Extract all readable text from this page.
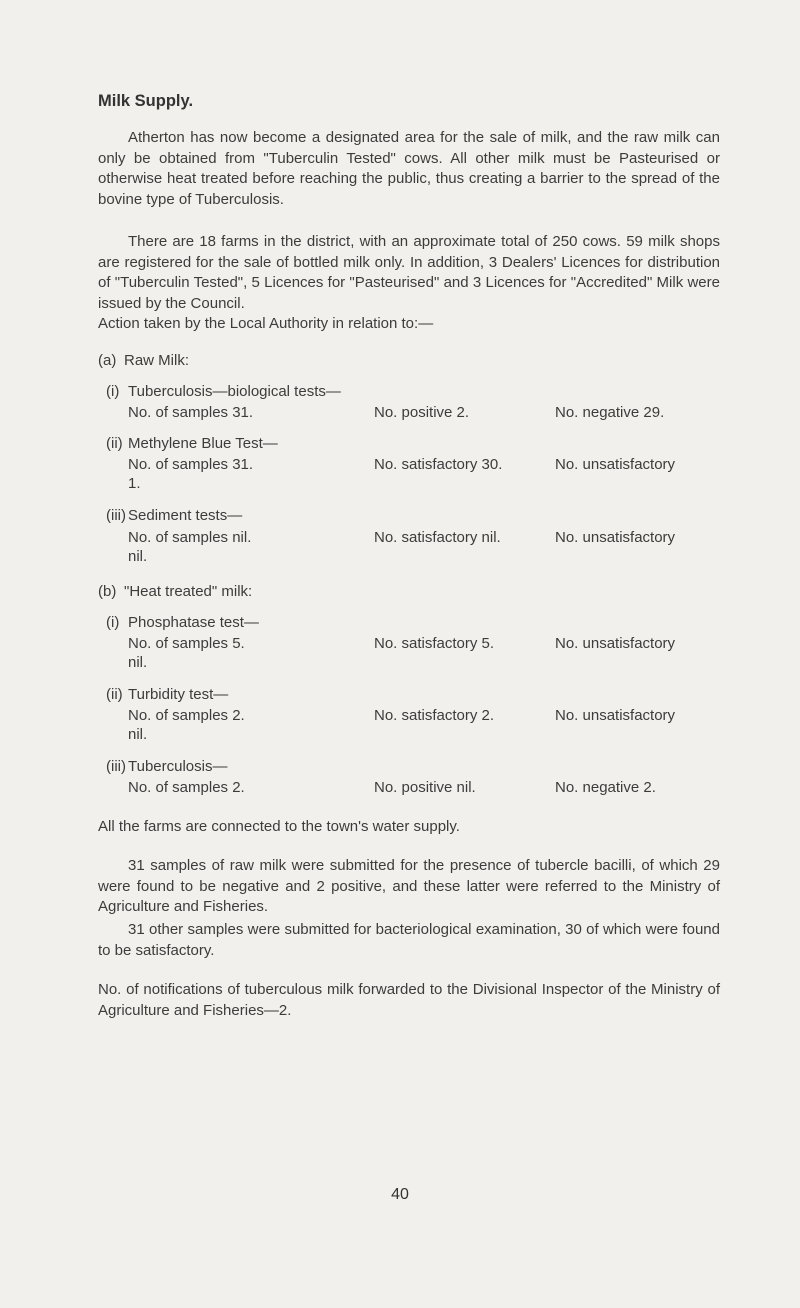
Milk Supply.
Atherton has now become a designated area for the sale of milk, and the raw milk can only be obtained from "Tuberculin Tested" cows. All other milk must be Pasteurised or otherwise heat treated before reaching the public, thus creating a barrier to the spread of the bovine type of Tuberculosis.
There are 18 farms in the district, with an approximate total of 250 cows. 59 milk shops are registered for the sale of bottled milk only. In addition, 3 Dealers' Licences for distribution of "Tuberculin Tested", 5 Licences for "Pasteurised" and 3 Licences for "Accredited" Milk were issued by the Council.
Action taken by the Local Authority in relation to:—
(a) Raw Milk:
(i) Tuberculosis—biological tests—
No. of samples 31.	No. positive 2.	No. negative 29.
(ii) Methylene Blue Test—
No. of samples 31.	No. satisfactory 30.	No. unsatisfactory
1.
(iii) Sediment tests—
No. of samples nil.	No. satisfactory nil.	No. unsatisfactory
nil.
(b) "Heat treated" milk:
(i) Phosphatase test—
No. of samples 5.	No. satisfactory 5.	No. unsatisfactory
nil.
(ii) Turbidity test—
No. of samples 2.	No. satisfactory 2.	No. unsatisfactory
nil.
(iii) Tuberculosis—
No. of samples 2.	No. positive nil.	No. negative 2.
All the farms are connected to the town's water supply.
31 samples of raw milk were submitted for the presence of tubercle bacilli, of which 29 were found to be negative and 2 positive, and these latter were referred to the Ministry of Agriculture and Fisheries.
31 other samples were submitted for bacteriological examination, 30 of which were found to be satisfactory.
No. of notifications of tuberculous milk forwarded to the Divisional Inspector of the Ministry of Agriculture and Fisheries—2.
40
